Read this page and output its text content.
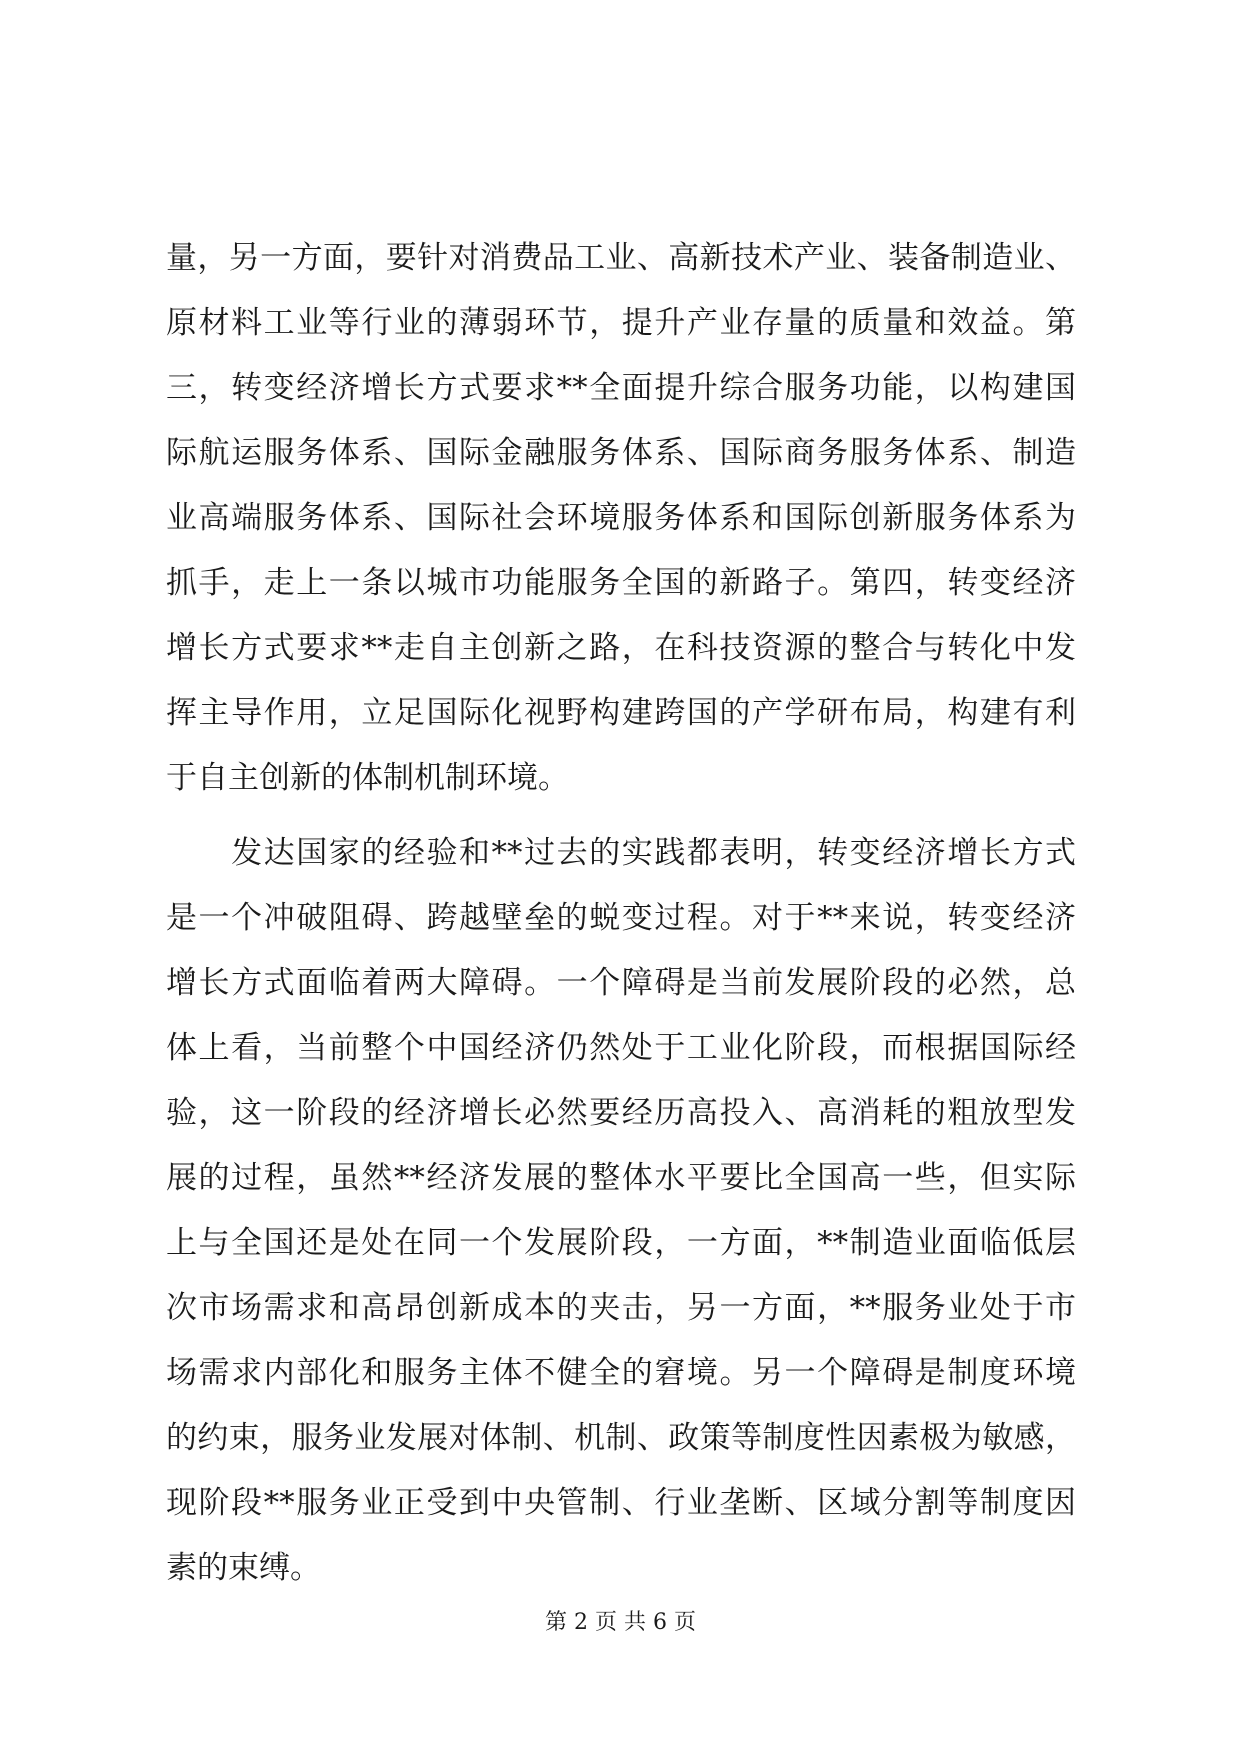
量，另一方面，要针对消费品工业、高新技术产业、装备制造业、
原材料工业等行业的薄弱环节，提升产业存量的质量和效益。第
三，转变经济增长方式要求**全面提升综合服务功能，以构建国
际航运服务体系、国际金融服务体系、国际商务服务体系、制造
业高端服务体系、国际社会环境服务体系和国际创新服务体系为
抓手，走上一条以城市功能服务全国的新路子。第四，转变经济
增长方式要求**走自主创新之路，在科技资源的整合与转化中发
挥主导作用，立足国际化视野构建跨国的产学研布局，构建有利
于自主创新的体制机制环境。
　　发达国家的经验和**过去的实践都表明，转变经济增长方式
是一个冲破阻碍、跨越壁垒的蜕变过程。对于**来说，转变经济
增长方式面临着两大障碍。一个障碍是当前发展阶段的必然，总
体上看，当前整个中国经济仍然处于工业化阶段，而根据国际经
验，这一阶段的经济增长必然要经历高投入、高消耗的粗放型发
展的过程，虽然**经济发展的整体水平要比全国高一些，但实际
上与全国还是处在同一个发展阶段，一方面，**制造业面临低层
次市场需求和高昂创新成本的夹击，另一方面，**服务业处于市
场需求内部化和服务主体不健全的窘境。另一个障碍是制度环境
的约束，服务业发展对体制、机制、政策等制度性因素极为敏感，
现阶段**服务业正受到中央管制、行业垄断、区域分割等制度因
素的束缚。
第 2 页 共 6 页
